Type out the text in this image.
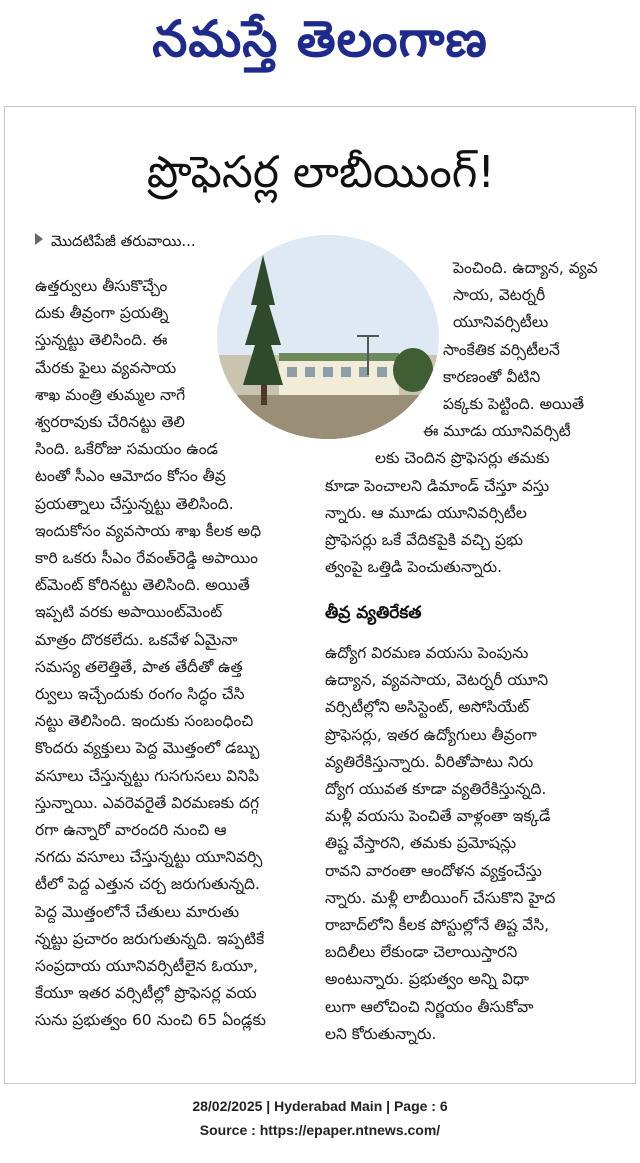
నమస్తే తెలంగాణ
ప్రొఫెసర్ల లాబీయింగ్!
మొదటిపేజీ తరువాయి...
ఉత్తర్వులు తీసుకొచ్చేం
దుకు తీవ్రంగా ప్రయత్ని
స్తున్నట్టు తెలిసింది. ఈ
మేరకు ఫైలు వ్యవసాయ
శాఖ మంత్రి తుమ్మల నాగే
శ్వరరావుకు చేరినట్టు తెలి
సింది. ఒకేరోజు సమయం ఉండ
టంతో సీఎం ఆమోదం కోసం తీవ్ర
ప్రయత్నాలు చేస్తున్నట్టు తెలిసింది.
ఇందుకోసం వ్యవసాయ శాఖ కీలక అధి
కారి ఒకరు సీఎం రేవంత్‌రెడ్డి అపాయిం
ట్‌మెంట్ కోరినట్టు తెలిసింది. అయితే
ఇప్పటి వరకు అపాయింట్‌మెంట్
మాత్రం దొరకలేదు. ఒకవేళ ఏమైనా
సమస్య తలెత్తితే, పాత తేదీతో ఉత్త
ర్వులు ఇచ్చేందుకు రంగం సిద్ధం చేసి
నట్టు తెలిసింది. ఇందుకు సంబంధించి
కొందరు వ్యక్తులు పెద్ద మొత్తంలో డబ్బు
వసూలు చేస్తున్నట్టు గుసగుసలు వినిపి
స్తున్నాయి. ఎవరెవరైతే విరమణకు దగ్గ
రగా ఉన్నారో వారందరి నుంచి ఆ
నగదు వసూలు చేస్తున్నట్టు యూనివర్సి
టీలో పెద్ద ఎత్తున చర్చ జరుగుతున్నది.
పెద్ద మొత్తంలోనే చేతులు మారుతు
న్నట్టు ప్రచారం జరుగుతున్నది. ఇప్పటికే
సంప్రదాయ యూనివర్సిటీలైన ఓయూ,
కేయూ ఇతర వర్సిటీల్లో ప్రొఫెసర్ల వయ
సును ప్రభుత్వం 60 నుంచి 65 ఏండ్లకు
పెంచింది. ఉద్యాన, వ్యవ
సాయ, వెటర్నరీ
యూనివర్సిటీలు
సాంకేతిక వర్సిటీలనే
కారణంతో వీటిని
పక్కకు పెట్టింది. అయితే
ఈ మూడు యూనివర్సిటీ
లకు చెందిన ప్రొఫెసర్లు తమకు
కూడా పెంచాలని డిమాండ్ చేస్తూ వస్తు
న్నారు. ఆ మూడు యూనివర్సిటీల
ప్రొఫెసర్లు ఒకే వేదికపైకి వచ్చి ప్రభు
త్వంపై ఒత్తిడి పెంచుతున్నారు.
తీవ్ర వ్యతిరేకత
ఉద్యోగ విరమణ వయసు పెంపును
ఉద్యాన, వ్యవసాయ, వెటర్నరీ యూని
వర్సిటీల్లోని అసిస్టెంట్, అసోసియేట్
ప్రొఫెసర్లు, ఇతర ఉద్యోగులు తీవ్రంగా
వ్యతిరేకిస్తున్నారు. వీరితోపాటు నిరు
ద్యోగ యువత కూడా వ్యతిరేకిస్తున్నది.
మళ్లీ వయసు పెంచితే వాళ్లంతా ఇక్కడే
తిష్ట వేస్తారని, తమకు ప్రమోషన్లు
రావని వారంతా ఆందోళన వ్యక్తంచేస్తు
న్నారు. మళ్లీ లాబీయింగ్ చేసుకొని హైద
రాబాద్‌లోని కీలక పోస్టుల్లోనే తిష్ట వేసి,
బదిలీలు లేకుండా చెలాయిస్తారని
అంటున్నారు. ప్రభుత్వం అన్ని విధా
లుగా ఆలోచించి నిర్ణయం తీసుకోవా
లని కోరుతున్నారు.
28/02/2025 | Hyderabad Main | Page : 6
Source : https://epaper.ntnews.com/
